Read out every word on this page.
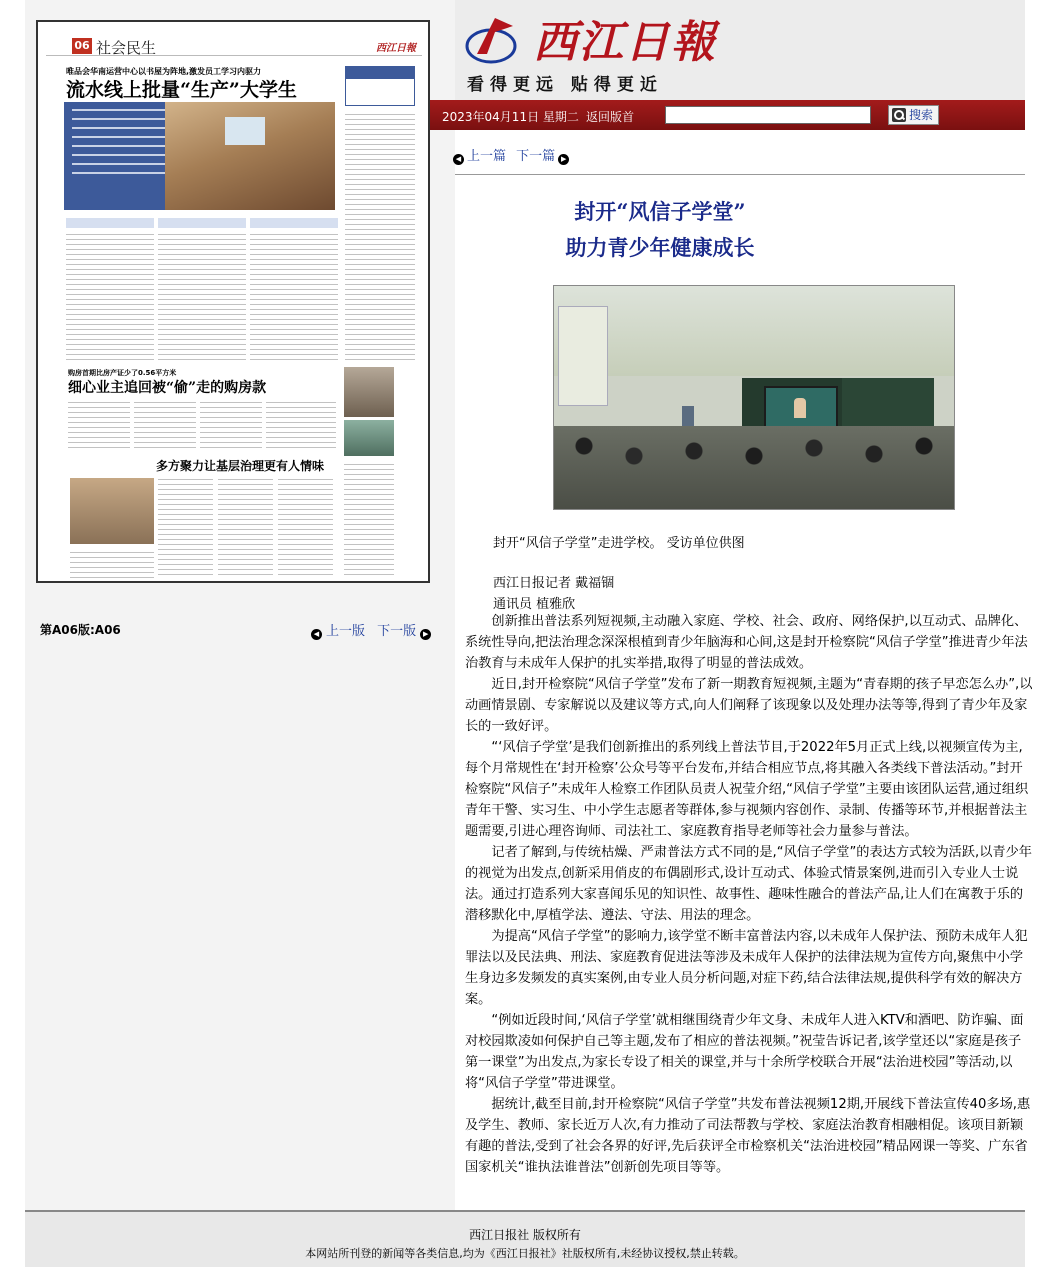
06 社会民生	西江日報
唯品会华南运营中心以书屋为阵地,激发员工学习内驱力
流水线上批量“生产”大学生
购房首期比房产证少了0.56平方米
细心业主追回被“偷”走的购房款
多方聚力让基层治理更有人情味
第A06版:A06	◀ 上一版 下一版 ▶
西江日報
看得更远 贴得更近
2023年04月11日 星期二 返回版首	搜索
◀ 上一篇 下一篇 ▶
封开“风信子学堂”
助力青少年健康成长
封开“风信子学堂”走进学校。 受访单位供图
西江日报记者 戴福锢
通讯员 植雅欣

创新推出普法系列短视频,主动融入家庭、学校、社会、政府、网络保护,以互动式、品牌化、系统性导向,把法治理念深深根植到青少年脑海和心间,这是封开检察院“风信子学堂”推进青少年法治教育与未成年人保护的扎实举措,取得了明显的普法成效。

近日,封开检察院“风信子学堂”发布了新一期教育短视频,主题为“青春期的孩子早恋怎么办”,以动画情景剧、专家解说以及建议等方式,向人们阐释了该现象以及处理办法等等,得到了青少年及家长的一致好评。

“‘风信子学堂’是我们创新推出的系列线上普法节目,于2022年5月正式上线,以视频宣传为主,每个月常规性在‘封开检察’公众号等平台发布,并结合相应节点,将其融入各类线下普法活动。”封开检察院“风信子”未成年人检察工作团队员责人祝莹介绍,“风信子学堂”主要由该团队运营,通过组织青年干警、实习生、中小学生志愿者等群体,参与视频内容创作、录制、传播等环节,并根据普法主题需要,引进心理咨询师、司法社工、家庭教育指导老师等社会力量参与普法。

记者了解到,与传统枯燥、严肃普法方式不同的是,“风信子学堂”的表达方式较为活跃,以青少年的视觉为出发点,创新采用俏皮的布偶剧形式,设计互动式、体验式情景案例,进而引入专业人士说法。通过打造系列大家喜闻乐见的知识性、故事性、趣味性融合的普法产品,让人们在寓教于乐的潜移默化中,厚植学法、遵法、守法、用法的理念。

为提高“风信子学堂”的影响力,该学堂不断丰富普法内容,以未成年人保护法、预防未成年人犯罪法以及民法典、刑法、家庭教育促进法等涉及未成年人保护的法律法规为宣传方向,聚焦中小学生身边多发频发的真实案例,由专业人员分析问题,对症下药,结合法律法规,提供科学有效的解决方案。

“例如近段时间,‘风信子学堂’就相继围绕青少年文身、未成年人进入KTV和酒吧、防诈骗、面对校园欺凌如何保护自己等主题,发布了相应的普法视频。”祝莹告诉记者,该学堂还以“家庭是孩子第一课堂”为出发点,为家长专设了相关的课堂,并与十余所学校联合开展“法治进校园”等活动,以将“风信子学堂”带进课堂。

据统计,截至目前,封开检察院“风信子学堂”共发布普法视频12期,开展线下普法宣传40多场,惠及学生、教师、家长近万人次,有力推动了司法帮教与学校、家庭法治教育相融相促。该项目新颖有趣的普法,受到了社会各界的好评,先后获评全市检察机关“法治进校园”精品网课一等奖、广东省国家机关“谁执法谁普法”创新创先项目等等。

西江日报社 版权所有
本网站所刊登的新闻等各类信息,均为《西江日报社》社版权所有,未经协议授权,禁止转载。
